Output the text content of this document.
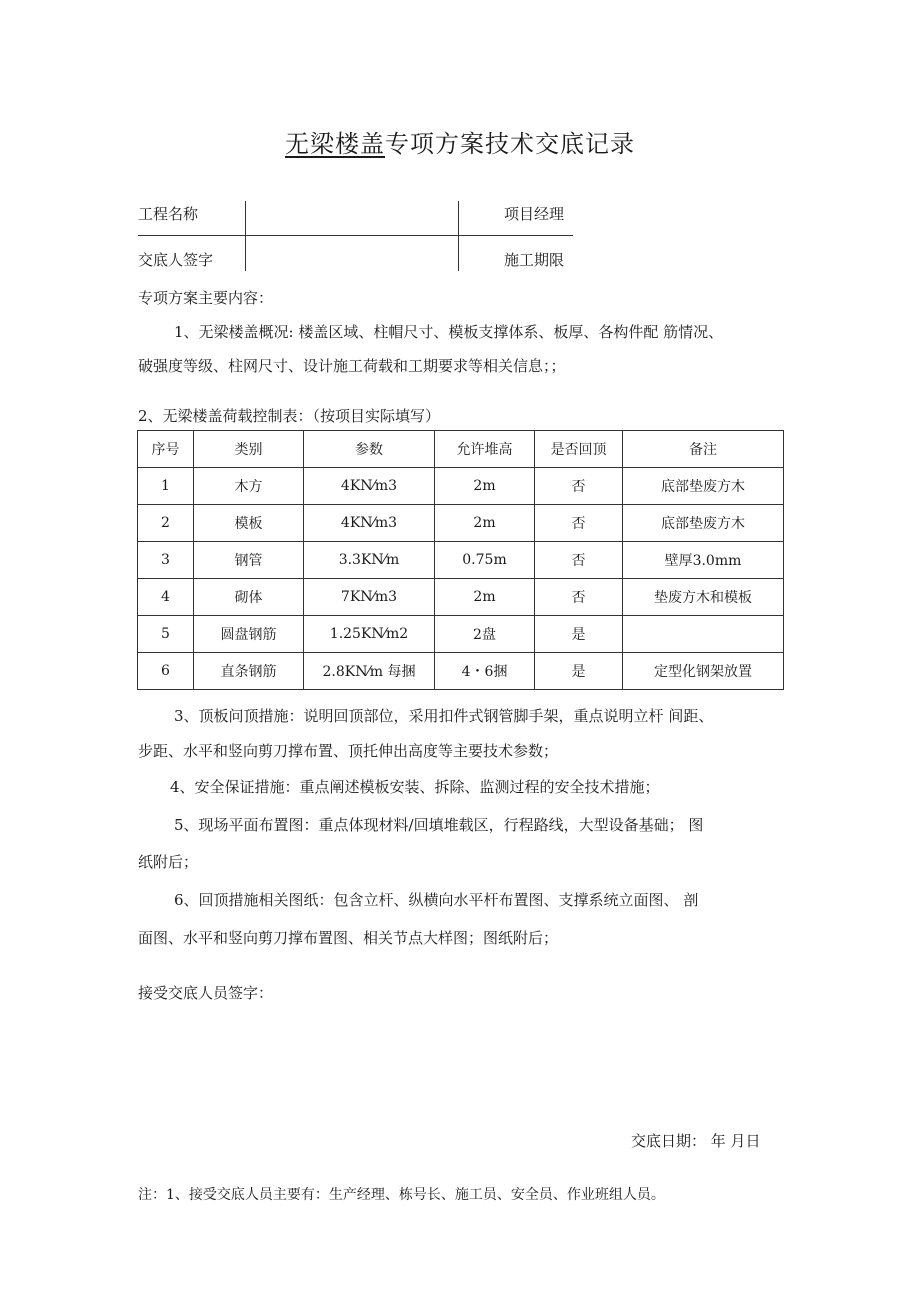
无梁楼盖专项方案技术交底记录
工程名称	项目经理
交底人签字	施工期限
专项方案主要内容：
1、无梁楼盖概况: 楼盖区域、柱帽尺寸、模板支撑体系、板厚、各构件配 筋情况、
破强度等级、柱网尺寸、设计施工荷载和工期要求等相关信息；；
2、无梁楼盖荷载控制表：（按项目实际填写）
序号	类别	参数	允许堆高	是否回顶	备注
1	木方	4KN⁄m3	2m	否	底部垫废方木
2	模板	4KN⁄m3	2m	否	底部垫废方木
3	钢管	3.3KN⁄m	0.75m	否	壁厚3.0mm
4	砌体	7KN⁄m3	2m	否	垫废方木和模板
5	圆盘钢筋	1.25KN⁄m2	2盘	是	
6	直条钢筋	2.8KN⁄m 每捆	4・6捆	是	定型化钢架放置
3、顶板问顶措施：说明回顶部位，采用扣件式钢管脚手架，重点说明立杆 间距、
步距、水平和竖向剪刀撑布置、顶托伸出高度等主要技术参数；
4、安全保证措施：重点阐述模板安装、拆除、监测过程的安全技术措施；
5、现场平面布置图：重点体现材料/回填堆载区，行程路线，大型设备基础； 图
纸附后；
6、回顶措施相关图纸：包含立杆、纵横向水平杆布置图、支撑系统立面图、 剖
面图、水平和竖向剪刀撑布置图、相关节点大样图；图纸附后；
接受交底人员签字：
交底日期： 年 月日
注：1、接受交底人员主要有：生产经理、栋号长、施工员、安全员、作业班组人员。
